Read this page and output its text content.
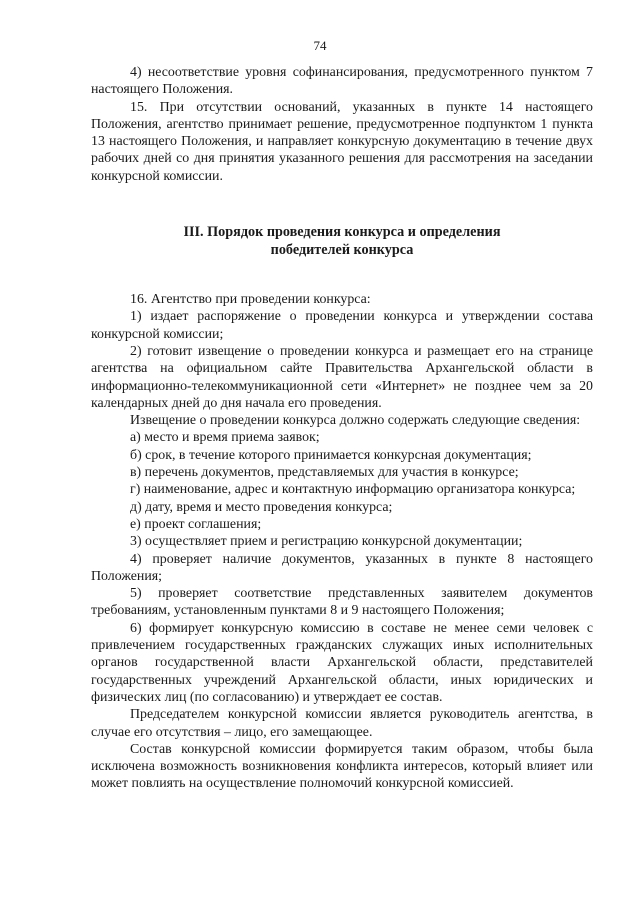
74

4) несоответствие уровня софинансирования, предусмотренного пунктом 7 настоящего Положения.

15. При отсутствии оснований, указанных в пункте 14 настоящего Положения, агентство принимает решение, предусмотренное подпунктом 1 пункта 13 настоящего Положения, и направляет конкурсную документацию в течение двух рабочих дней со дня принятия указанного решения для рассмотрения на заседании конкурсной комиссии.

III. Порядок проведения конкурса и определения
победителей конкурса

16. Агентство при проведении конкурса:

1) издает распоряжение о проведении конкурса и утверждении состава конкурсной комиссии;

2) готовит извещение о проведении конкурса и размещает его на странице агентства на официальном сайте Правительства Архангельской области в информационно-телекоммуникационной сети «Интернет» не позднее чем за 20 календарных дней до дня начала его проведения.

Извещение о проведении конкурса должно содержать следующие сведения:

а) место и время приема заявок;

б) срок, в течение которого принимается конкурсная документация;

в) перечень документов, представляемых для участия в конкурсе;

г) наименование, адрес и контактную информацию организатора конкурса;

д) дату, время и место проведения конкурса;

е) проект соглашения;

3) осуществляет прием и регистрацию конкурсной документации;

4) проверяет наличие документов, указанных в пункте 8 настоящего Положения;

5) проверяет соответствие представленных заявителем документов требованиям, установленным пунктами 8 и 9 настоящего Положения;

6) формирует конкурсную комиссию в составе не менее семи человек с привлечением государственных гражданских служащих иных исполнительных органов государственной власти Архангельской области, представителей государственных учреждений Архангельской области, иных юридических и физических лиц (по согласованию) и утверждает ее состав.

Председателем конкурсной комиссии является руководитель агентства, в случае его отсутствия – лицо, его замещающее.

Состав конкурсной комиссии формируется таким образом, чтобы была исключена возможность возникновения конфликта интересов, который влияет или может повлиять на осуществление полномочий конкурсной комиссией.
